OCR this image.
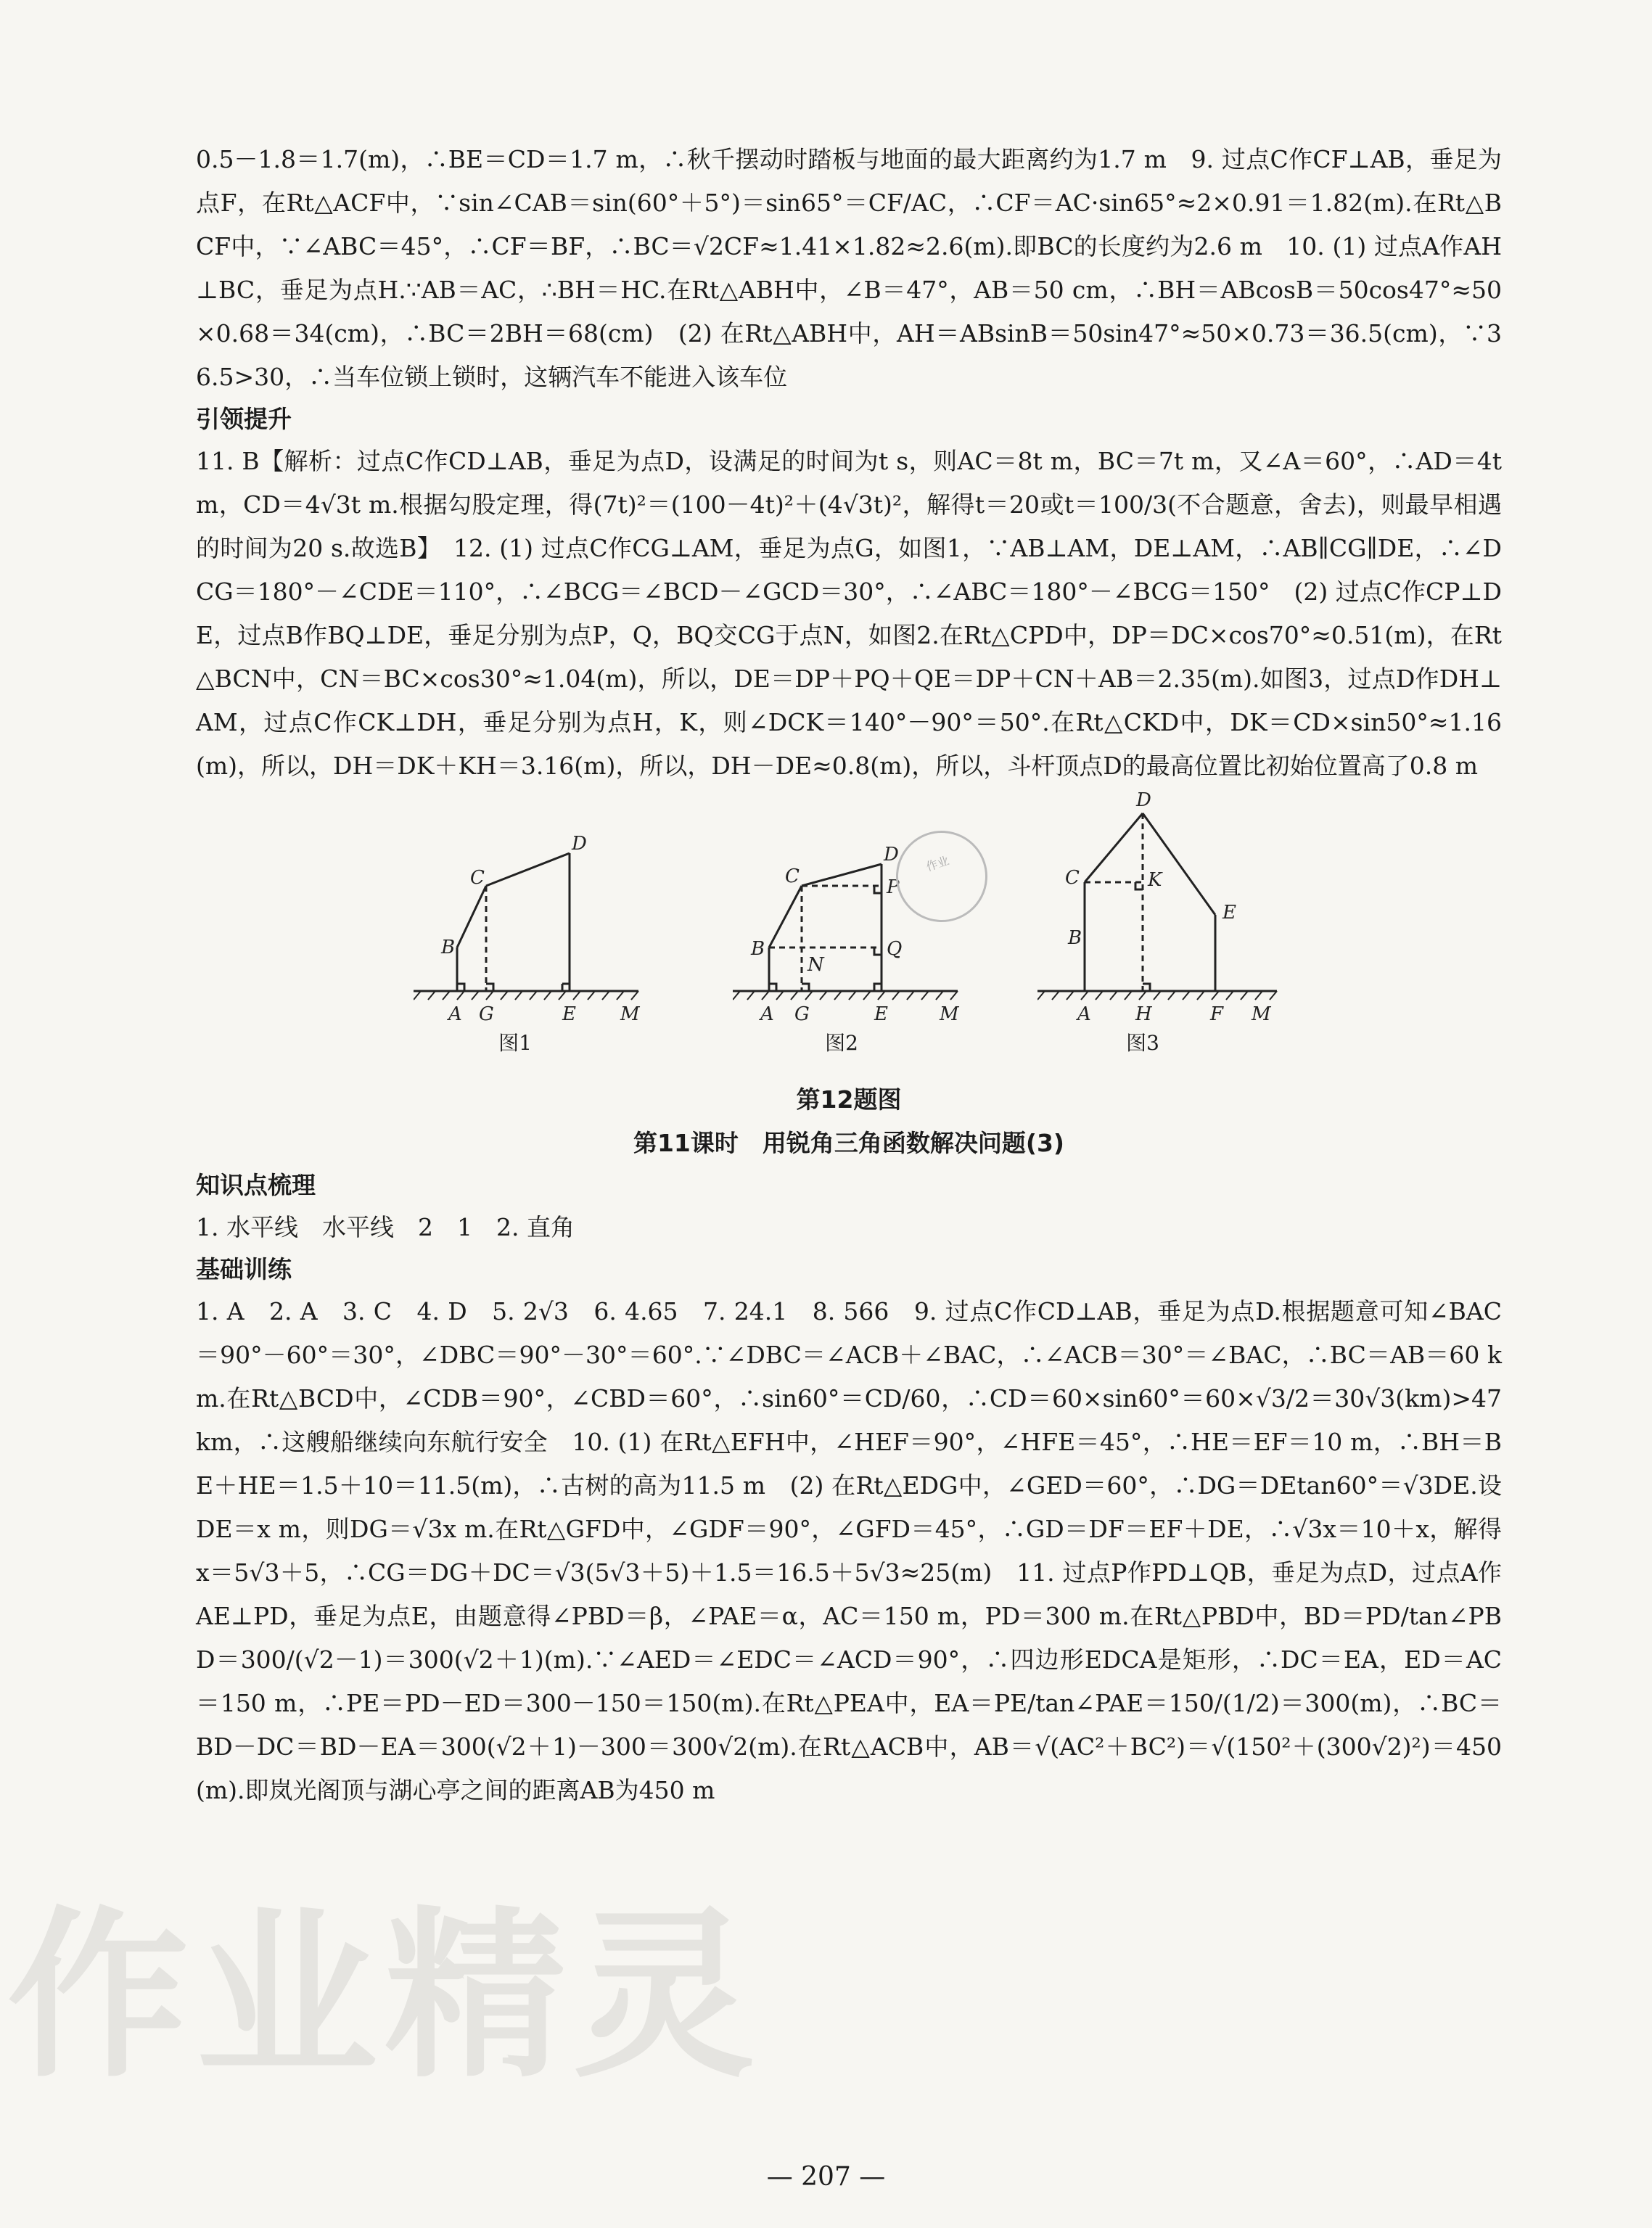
作业精灵

0.5－1.8＝1.7(m)，∴BE＝CD＝1.7 m，∴秋千摆动时踏板与地面的最大距离约为1.7 m　9. 过点C作CF⊥AB，垂足为点F，在Rt△ACF中，∵sin∠CAB＝sin(60°＋5°)＝sin65°＝CF/AC，∴CF＝AC·sin65°≈2×0.91＝1.82(m).在Rt△BCF中，∵∠ABC＝45°，∴CF＝BF，∴BC＝√2CF≈1.41×1.82≈2.6(m).即BC的长度约为2.6 m　10. (1) 过点A作AH⊥BC，垂足为点H.∵AB＝AC，∴BH＝HC.在Rt△ABH中，∠B＝47°，AB＝50 cm，∴BH＝ABcosB＝50cos47°≈50×0.68＝34(cm)，∴BC＝2BH＝68(cm)　(2) 在Rt△ABH中，AH＝ABsinB＝50sin47°≈50×0.73＝36.5(cm)，∵36.5>30，∴当车位锁上锁时，这辆汽车不能进入该车位

引领提升

11. B【解析：过点C作CD⊥AB，垂足为点D，设满足的时间为t s，则AC＝8t m，BC＝7t m，又∠A＝60°，∴AD＝4t m，CD＝4√3t m.根据勾股定理，得(7t)²＝(100－4t)²＋(4√3t)²，解得t＝20或t＝100/3(不合题意，舍去)，则最早相遇的时间为20 s.故选B】　12. (1) 过点C作CG⊥AM，垂足为点G，如图1，∵AB⊥AM，DE⊥AM，∴AB∥CG∥DE，∴∠DCG＝180°－∠CDE＝110°，∴∠BCG＝∠BCD－∠GCD＝30°，∴∠ABC＝180°－∠BCG＝150°　(2) 过点C作CP⊥DE，过点B作BQ⊥DE，垂足分别为点P，Q，BQ交CG于点N，如图2.在Rt△CPD中，DP＝DC×cos70°≈0.51(m)，在Rt△BCN中，CN＝BC×cos30°≈1.04(m)，所以，DE＝DP＋PQ＋QE＝DP＋CN＋AB＝2.35(m).如图3，过点D作DH⊥AM，过点C作CK⊥DH，垂足分别为点H，K，则∠DCK＝140°－90°＝50°.在Rt△CKD中，DK＝CD×sin50°≈1.16(m)，所以，DH＝DK＋KH＝3.16(m)，所以，DH－DE≈0.8(m)，所以，斗杆顶点D的最高位置比初始位置高了0.8 m

D
C
B
A G	E M
图1
D
C	P
B
N
Q
A G	E	M
图2
D
C	K
E
B
A H	F M
图3

第12题图

第11课时　用锐角三角函数解决问题(3)

知识点梳理

1. 水平线　水平线　2　1　2. 直角

基础训练

1. A　2. A　3. C　4. D　5. 2√3　6. 4.65　7. 24.1　8. 566　9. 过点C作CD⊥AB，垂足为点D.根据题意可知∠BAC＝90°－60°＝30°，∠DBC＝90°－30°＝60°.∵∠DBC＝∠ACB＋∠BAC，∴∠ACB＝30°＝∠BAC，∴BC＝AB＝60 km.在Rt△BCD中，∠CDB＝90°，∠CBD＝60°，∴sin60°＝CD/60，∴CD＝60×sin60°＝60×√3/2＝30√3(km)>47 km，∴这艘船继续向东航行安全　10. (1) 在Rt△EFH中，∠HEF＝90°，∠HFE＝45°，∴HE＝EF＝10 m，∴BH＝BE＋HE＝1.5＋10＝11.5(m)，∴古树的高为11.5 m　(2) 在Rt△EDG中，∠GED＝60°，∴DG＝DEtan60°＝√3DE.设DE＝x m，则DG＝√3x m.在Rt△GFD中，∠GDF＝90°，∠GFD＝45°，∴GD＝DF＝EF＋DE，∴√3x＝10＋x，解得x＝5√3＋5，∴CG＝DG＋DC＝√3(5√3＋5)＋1.5＝16.5＋5√3≈25(m)　11. 过点P作PD⊥QB，垂足为点D，过点A作AE⊥PD，垂足为点E，由题意得∠PBD＝β，∠PAE＝α，AC＝150 m，PD＝300 m.在Rt△PBD中，BD＝PD/tan∠PBD＝300/(√2－1)＝300(√2＋1)(m).∵∠AED＝∠EDC＝∠ACD＝90°，∴四边形EDCA是矩形，∴DC＝EA，ED＝AC＝150 m，∴PE＝PD－ED＝300－150＝150(m).在Rt△PEA中，EA＝PE/tan∠PAE＝150/(1/2)＝300(m)，∴BC＝BD－DC＝BD－EA＝300(√2＋1)－300＝300√2(m).在Rt△ACB中，AB＝√(AC²＋BC²)＝√(150²＋(300√2)²)＝450(m).即岚光阁顶与湖心亭之间的距离AB为450 m

作业
— 207 —
